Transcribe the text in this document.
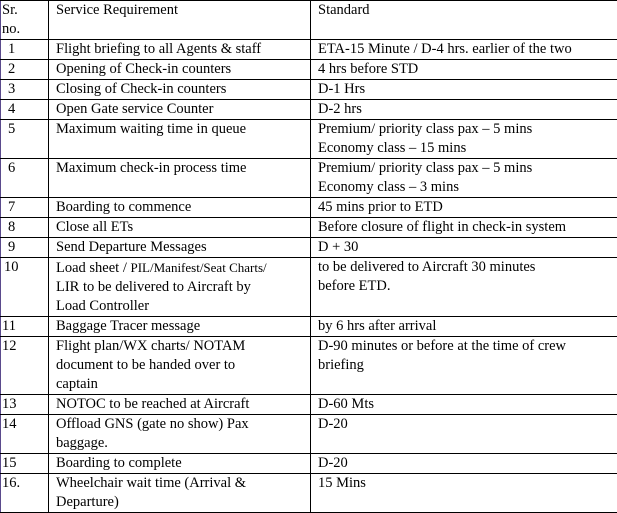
Sr.
no.	Service Requirement	Standard
1	Flight briefing to all Agents & staff	ETA-15 Minute / D-4 hrs. earlier of the two
2	Opening of Check-in counters	4 hrs before STD
3	Closing of Check-in counters	D-1 Hrs
4	Open Gate service Counter	D-2 hrs
5	Maximum waiting time in queue	Premium/ priority class pax – 5 mins
Economy class – 15 mins
6	Maximum check-in process time	Premium/ priority class pax – 5 mins
Economy class – 3 mins
7	Boarding to commence	45 mins prior to ETD
8	Close all ETs	Before closure of flight in check-in system
9	Send Departure Messages	D + 30
10	Load sheet / PIL/Manifest/Seat Charts/
LIR to be delivered to Aircraft by
Load Controller	to be delivered to Aircraft 30 minutes
before ETD.
11	Baggage Tracer message	by 6 hrs after arrival
12	Flight plan/WX charts/ NOTAM
document to be handed over to
captain	D-90 minutes or before at the time of crew
briefing
13	NOTOC to be reached at Aircraft	D-60 Mts
14	Offload GNS (gate no show) Pax
baggage.	D-20
15	Boarding to complete	D-20
16.	Wheelchair wait time (Arrival &
Departure)	15 Mins
